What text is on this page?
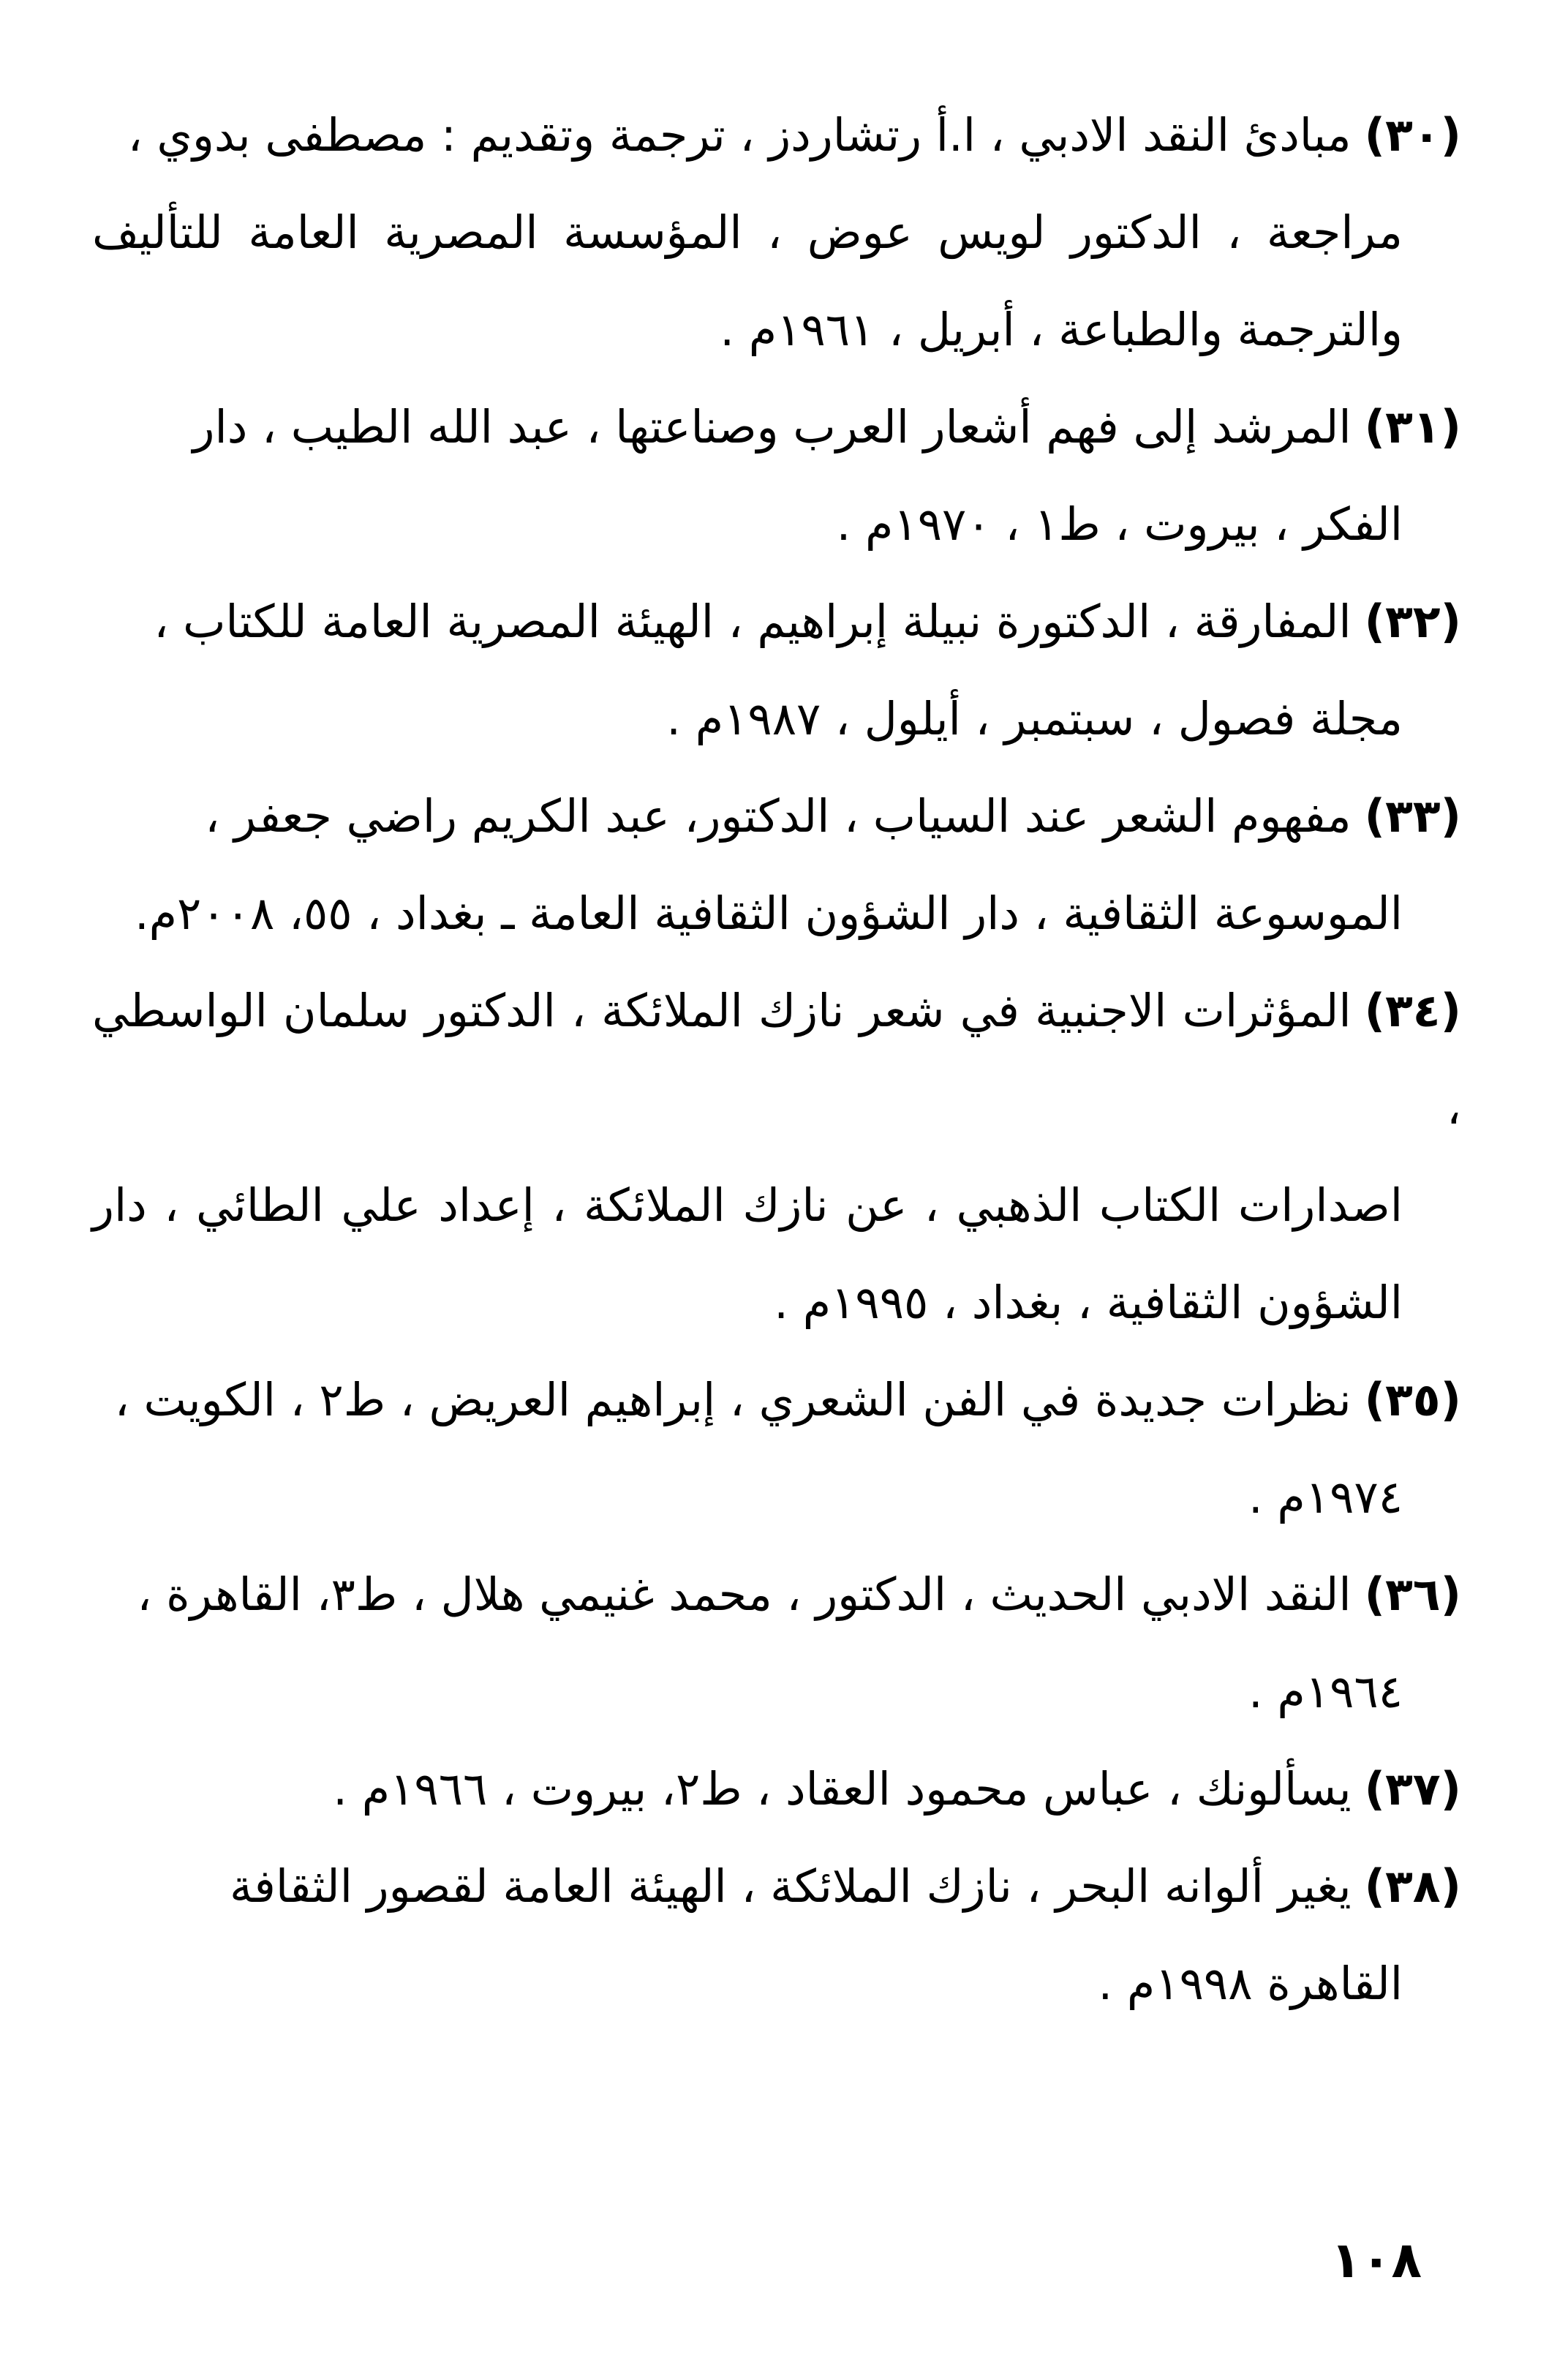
(٣٠)مبادئ النقد الادبي ، ا.أ رتشاردز ، ترجمة وتقديم : مصطفى بدوي ،
مراجعة ، الدكتور لويس عوض ، المؤسسة المصرية العامة للتأليف والترجمة والطباعة ، أبريل ، ١٩٦١م .
(٣١)المرشد إلى فهم أشعار العرب وصناعتها ، عبد الله الطيب ، دار
الفكر ، بيروت ، ط١ ، ١٩٧٠م .
(٣٢)المفارقة ، الدكتورة نبيلة إبراهيم ، الهيئة المصرية العامة للكتاب ،
مجلة فصول ، سبتمبر ، أيلول ، ١٩٨٧م .
(٣٣)مفهوم الشعر عند السياب ، الدكتور، عبد الكريم راضي جعفر ،
الموسوعة الثقافية ، دار الشؤون الثقافية العامة ـ بغداد ، ٥٥، ٢٠٠٨م.
(٣٤)المؤثرات الاجنبية في شعر نازك الملائكة ، الدكتور سلمان الواسطي ،
اصدارات الكتاب الذهبي ، عن نازك الملائكة ، إعداد علي الطائي ، دار الشؤون الثقافية ، بغداد ، ١٩٩٥م .
(٣٥)نظرات جديدة في الفن الشعري ، إبراهيم العريض ، ط٢ ، الكويت ،
١٩٧٤م .
(٣٦)النقد الادبي الحديث ، الدكتور ، محمد غنيمي هلال ، ط٣، القاهرة ،
١٩٦٤م .
(٣٧)يسألونك ، عباس محمود العقاد ، ط٢، بيروت ، ١٩٦٦م .
(٣٨)يغير ألوانه البحر ، نازك الملائكة ، الهيئة العامة لقصور الثقافة
القاهرة ١٩٩٨م .
١٠٨
